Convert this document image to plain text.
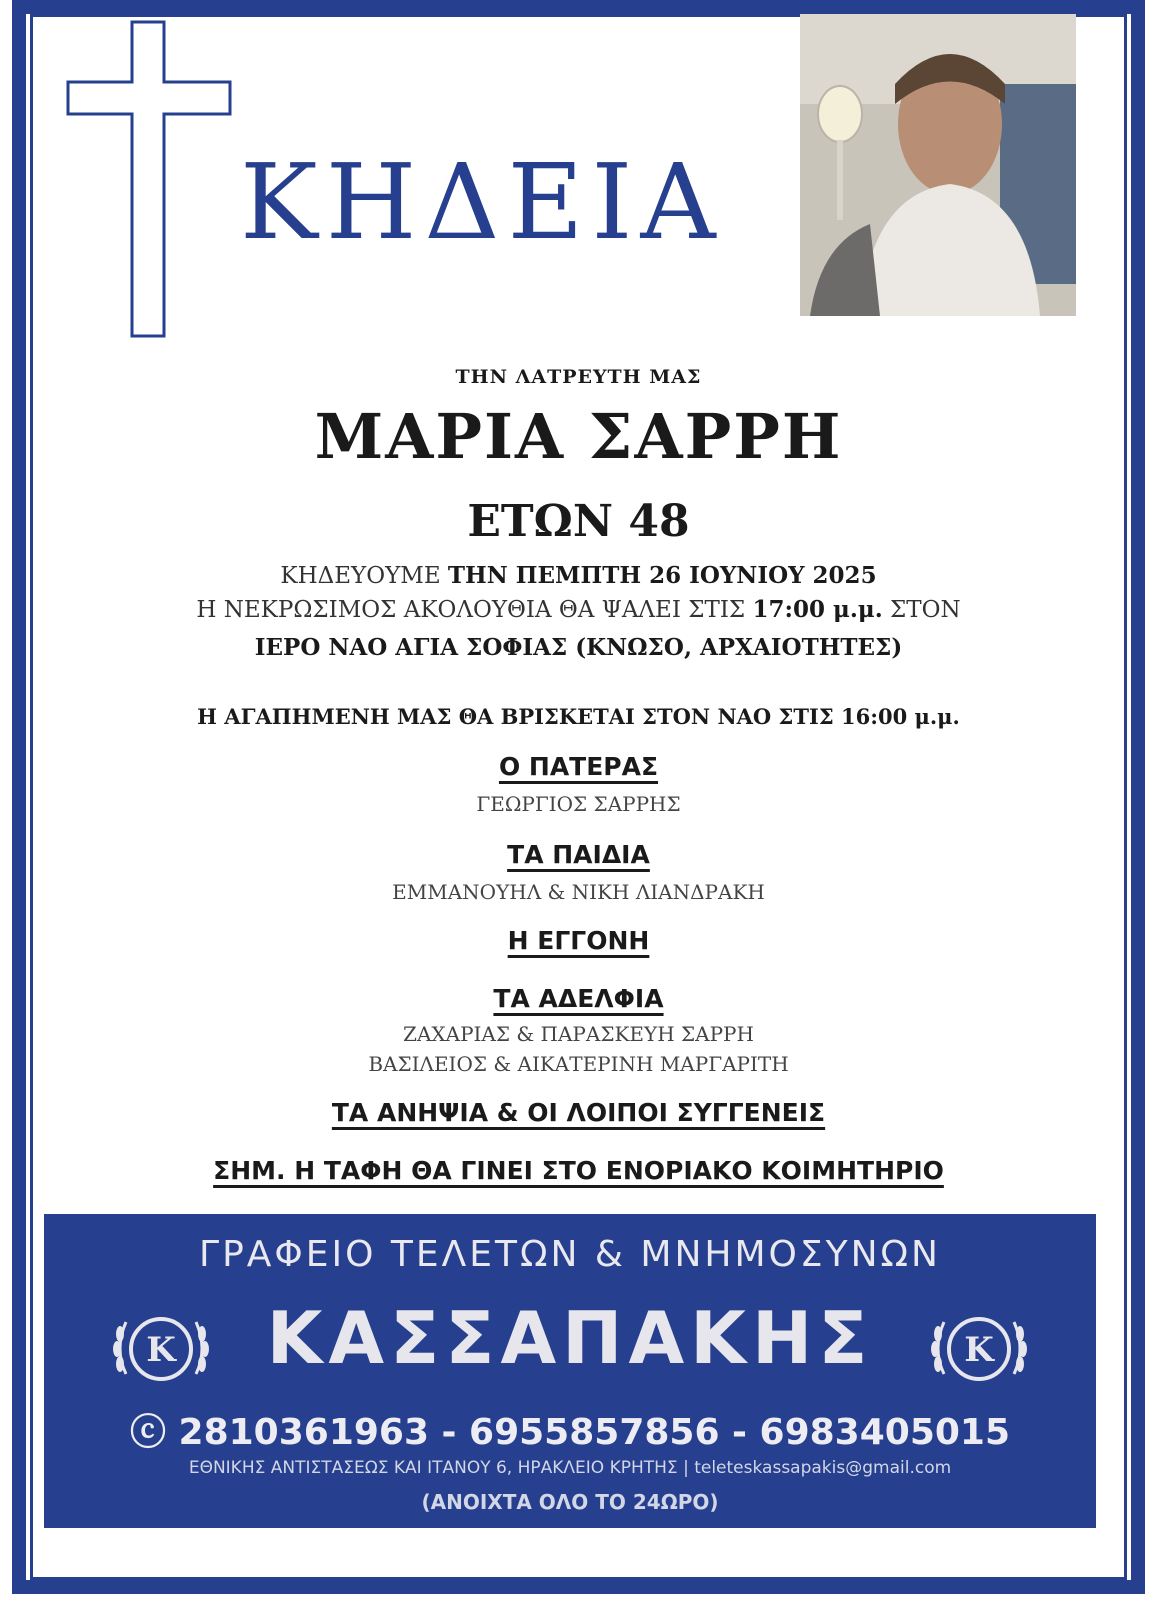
ΚΗΔΕΙΑ
ΤΗΝ ΛΑΤΡΕΥΤΗ ΜΑΣ
ΜΑΡΙΑ ΣΑΡΡΗ
ΕΤΩΝ 48
ΚΗΔΕΥΟΥΜΕ ΤΗΝ ΠΕΜΠΤΗ 26 ΙΟΥΝΙΟΥ 2025
Η ΝΕΚΡΩΣΙΜΟΣ ΑΚΟΛΟΥΘΙΑ ΘΑ ΨΑΛΕΙ ΣΤΙΣ 17:00 μ.μ. ΣΤΟΝ
ΙΕΡΟ ΝΑΟ ΑΓΙΑ ΣΟΦΙΑΣ (ΚΝΩΣΟ, ΑΡΧΑΙΟΤΗΤΕΣ)
Η ΑΓΑΠΗΜΕΝΗ ΜΑΣ ΘΑ ΒΡΙΣΚΕΤΑΙ ΣΤΟΝ ΝΑΟ ΣΤΙΣ 16:00 μ.μ.
Ο ΠΑΤΕΡΑΣ
ΓΕΩΡΓΙΟΣ ΣΑΡΡΗΣ
ΤΑ ΠΑΙΔΙΑ
ΕΜΜΑΝΟΥΗΛ & ΝΙΚΗ ΛΙΑΝΔΡΑΚΗ
Η ΕΓΓΟΝΗ
ΤΑ ΑΔΕΛΦΙΑ
ΖΑΧΑΡΙΑΣ & ΠΑΡΑΣΚΕΥΗ ΣΑΡΡΗ
ΒΑΣΙΛΕΙΟΣ & ΑΙΚΑΤΕΡΙΝΗ ΜΑΡΓΑΡΙΤΗ
ΤΑ ΑΝΗΨΙΑ & ΟΙ ΛΟΙΠΟΙ ΣΥΓΓΕΝΕΙΣ
ΣΗΜ. Η ΤΑΦΗ ΘΑ ΓΙΝΕΙ ΣΤΟ ΕΝΟΡΙΑΚΟ ΚΟΙΜΗΤΗΡΙΟ
ΓΡΑΦΕΙΟ ΤΕΛΕΤΩΝ & ΜΝΗΜΟΣΥΝΩΝ
Κ	ΚΑΣΣΑΠΑΚΗΣ	Κ
ⓒ 2810361963 - 6955857856 - 6983405015
ΕΘΝΙΚΗΣ ΑΝΤΙΣΤΑΣΕΩΣ ΚΑΙ ΙΤΑΝΟΥ 6, ΗΡΑΚΛΕΙΟ ΚΡΗΤΗΣ | teleteskassapakis@gmail.com
(ΑΝΟΙΧΤΑ ΟΛΟ ΤΟ 24ΩΡΟ)
